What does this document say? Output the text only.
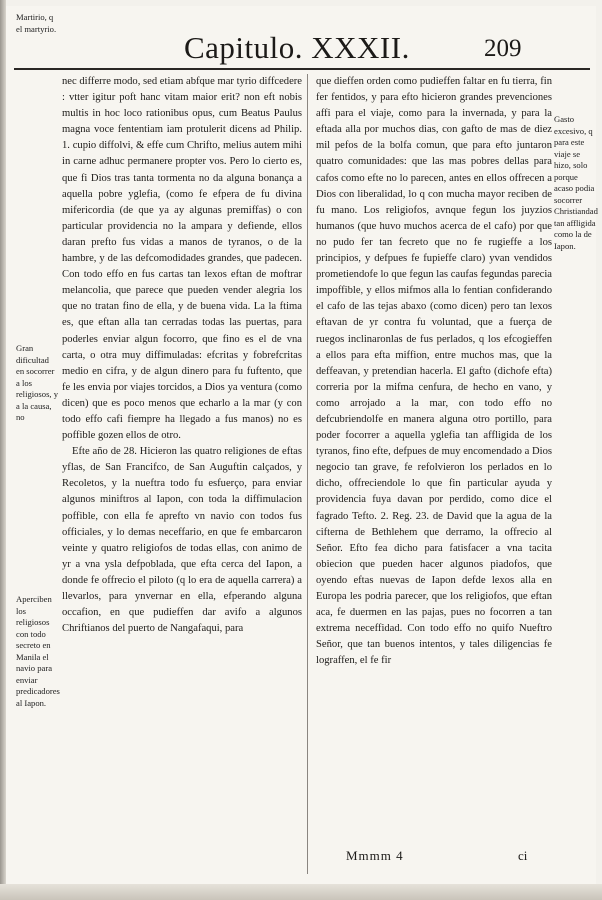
Capitulo. XXXII.	209
Martirio, q el martyrio.
Gran dificultad en socorrer a los religiosos, y a la causa, no
Aperciben los religiosos con todo secreto en Manila el navio para enviar predicadores al Iapon.
Gasto excesivo, q para este viaje se hizo, solo porque acaso podia socorrer Christiandad tan affligida como la de Iapon.

nec differre modo, sed etiam abfque mar tyrio diffcedere : vtter igitur poft hanc vitam maior erit? non eft nobis multis in hoc loco rationibus opus, cum Beatus Paulus magna voce fententiam iam protulerit dicens ad Philip. 1. cupio diffolvi, & effe cum Chrifto, melius autem mihi in carne adhuc permanere propter vos. Pero lo cierto es, que fi Dios tras tanta tormenta no da alguna bonança a aquella pobre yglefia, (como fe efpera de fu divina mifericordia (de que ya ay algunas premiffas) o con particular providencia no la ampara y defiende, ellos daran prefto fus vidas a manos de tyranos, o de la hambre, y de las defcomodidades grandes, que padecen. Con todo effo en fus cartas tan lexos eftan de moftrar melancolia, que parece que pueden vender alegria los que no tratan fino de ella, y de buena vida. La la ftima es, que eftan alla tan cerradas todas las puertas, para poderles enviar algun focorro, que fino es el de vna carta, o otra muy diffimuladas: efcritas y fobrefcritas medio en cifra, y de algun dinero para fu fuftento, que fe les envia por viajes torcidos, a Dios ya ventura (como dicen) que es poco menos que echarlo a la mar (y con todo effo cafi fiempre ha llegado a fus manos) no es poffible gozen ellos de otro.

Efte año de 28. Hicieron las quatro religiones de eftas yflas, de San Francifco, de San Auguftin calçados, y Recoletos, y la nueftra todo fu esfuerço, para enviar algunos miniftros al Iapon, con toda la diffimulacion poffible, con ella fe aprefto vn navio con todos fus officiales, y lo demas neceffario, en que fe embarcaron veinte y quatro religiofos de todas ellas, con animo de yr a vna ysla defpoblada, que efta cerca del Iapon, a donde fe offrecio el piloto (q lo era de aquella carrera) a llevarlos, para ynvernar en ella, efperando alguna occafion, en que pudieffen dar avifo a algunos Chriftianos del puerto de Nangafaqui, para

que dieffen orden como pudieffen faltar en fu tierra, fin fer fentidos, y para efto hicieron grandes prevenciones affi para el viaje, como para la invernada, y para la eftada alla por muchos dias, con gafto de mas de diez mil pefos de la bolfa comun, que para efto juntaron quatro comunidades: que las mas pobres dellas para cafos como efte no lo parecen, antes en ellos offrecen a Dios con liberalidad, lo q con mucha mayor reciben de fu mano. Los religiofos, avnque fegun los juyzios humanos (que huvo muchos acerca de el cafo) por que no pudo fer tan fecreto que no fe rugieffe a los principios, y defpues fe fupieffe claro) yvan vendidos prometiendofe lo que fegun las caufas fegundas parecia impoffible, y ellos mifmos alla lo fentian confiderando el cafo de las tejas abaxo (como dicen) pero tan lexos eftavan de yr contra fu voluntad, que a fuerça de ruegos inclinaronlas de fus perlados, q los efcogieffen a ellos para efta miffion, entre muchos mas, que la deffeavan, y pretendian hacerla. El gafto (dichofe efta) correria por la mifma cenfura, de hecho en vano, y como arrojado a la mar, con todo effo no defcubriendolfe en manera alguna otro portillo, para poder focorrer a aquella yglefia tan affligida de los tyranos, fino efte, defpues de muy encomendado a Dios negocio tan grave, fe refolvieron los perlados en lo dicho, offreciendole lo que fin particular ayuda y providencia fuya davan por perdido, como dice el fagrado Tefto. 2. Reg. 23. de David que la agua de la cifterna de Bethlehem que derramo, la offrecio al Señor. Efto fea dicho para fatisfacer a vna tacita obiecion que pueden hacer algunos piadofos, que oyendo eftas nuevas de Iapon defde lexos alla en Europa les podria parecer, que los religiofos, que eftan aca, fe duermen en las pajas, pues no focorren a tan extrema neceffidad. Con todo effo no quifo Nueftro Señor, que tan buenos intentos, y tales diligencias fe lograffen, el fe fir

Mmmm 4	ci
